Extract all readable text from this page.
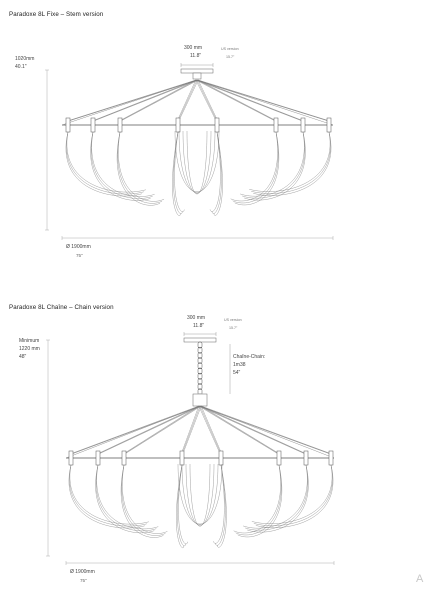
Paradoxe 8L Fixe – Stem version
300 mm
11.8"
US version
15.7"
1020mm
40.1"
Ø 1900mm
75"
Paradoxe 8L Chaîne – Chain version
300 mm
11.8"
US version
15.7"
Minimum
1220 mm
48"	Chaîne-Chain:
1m38
54"
Ø 1900mm
75"	A
